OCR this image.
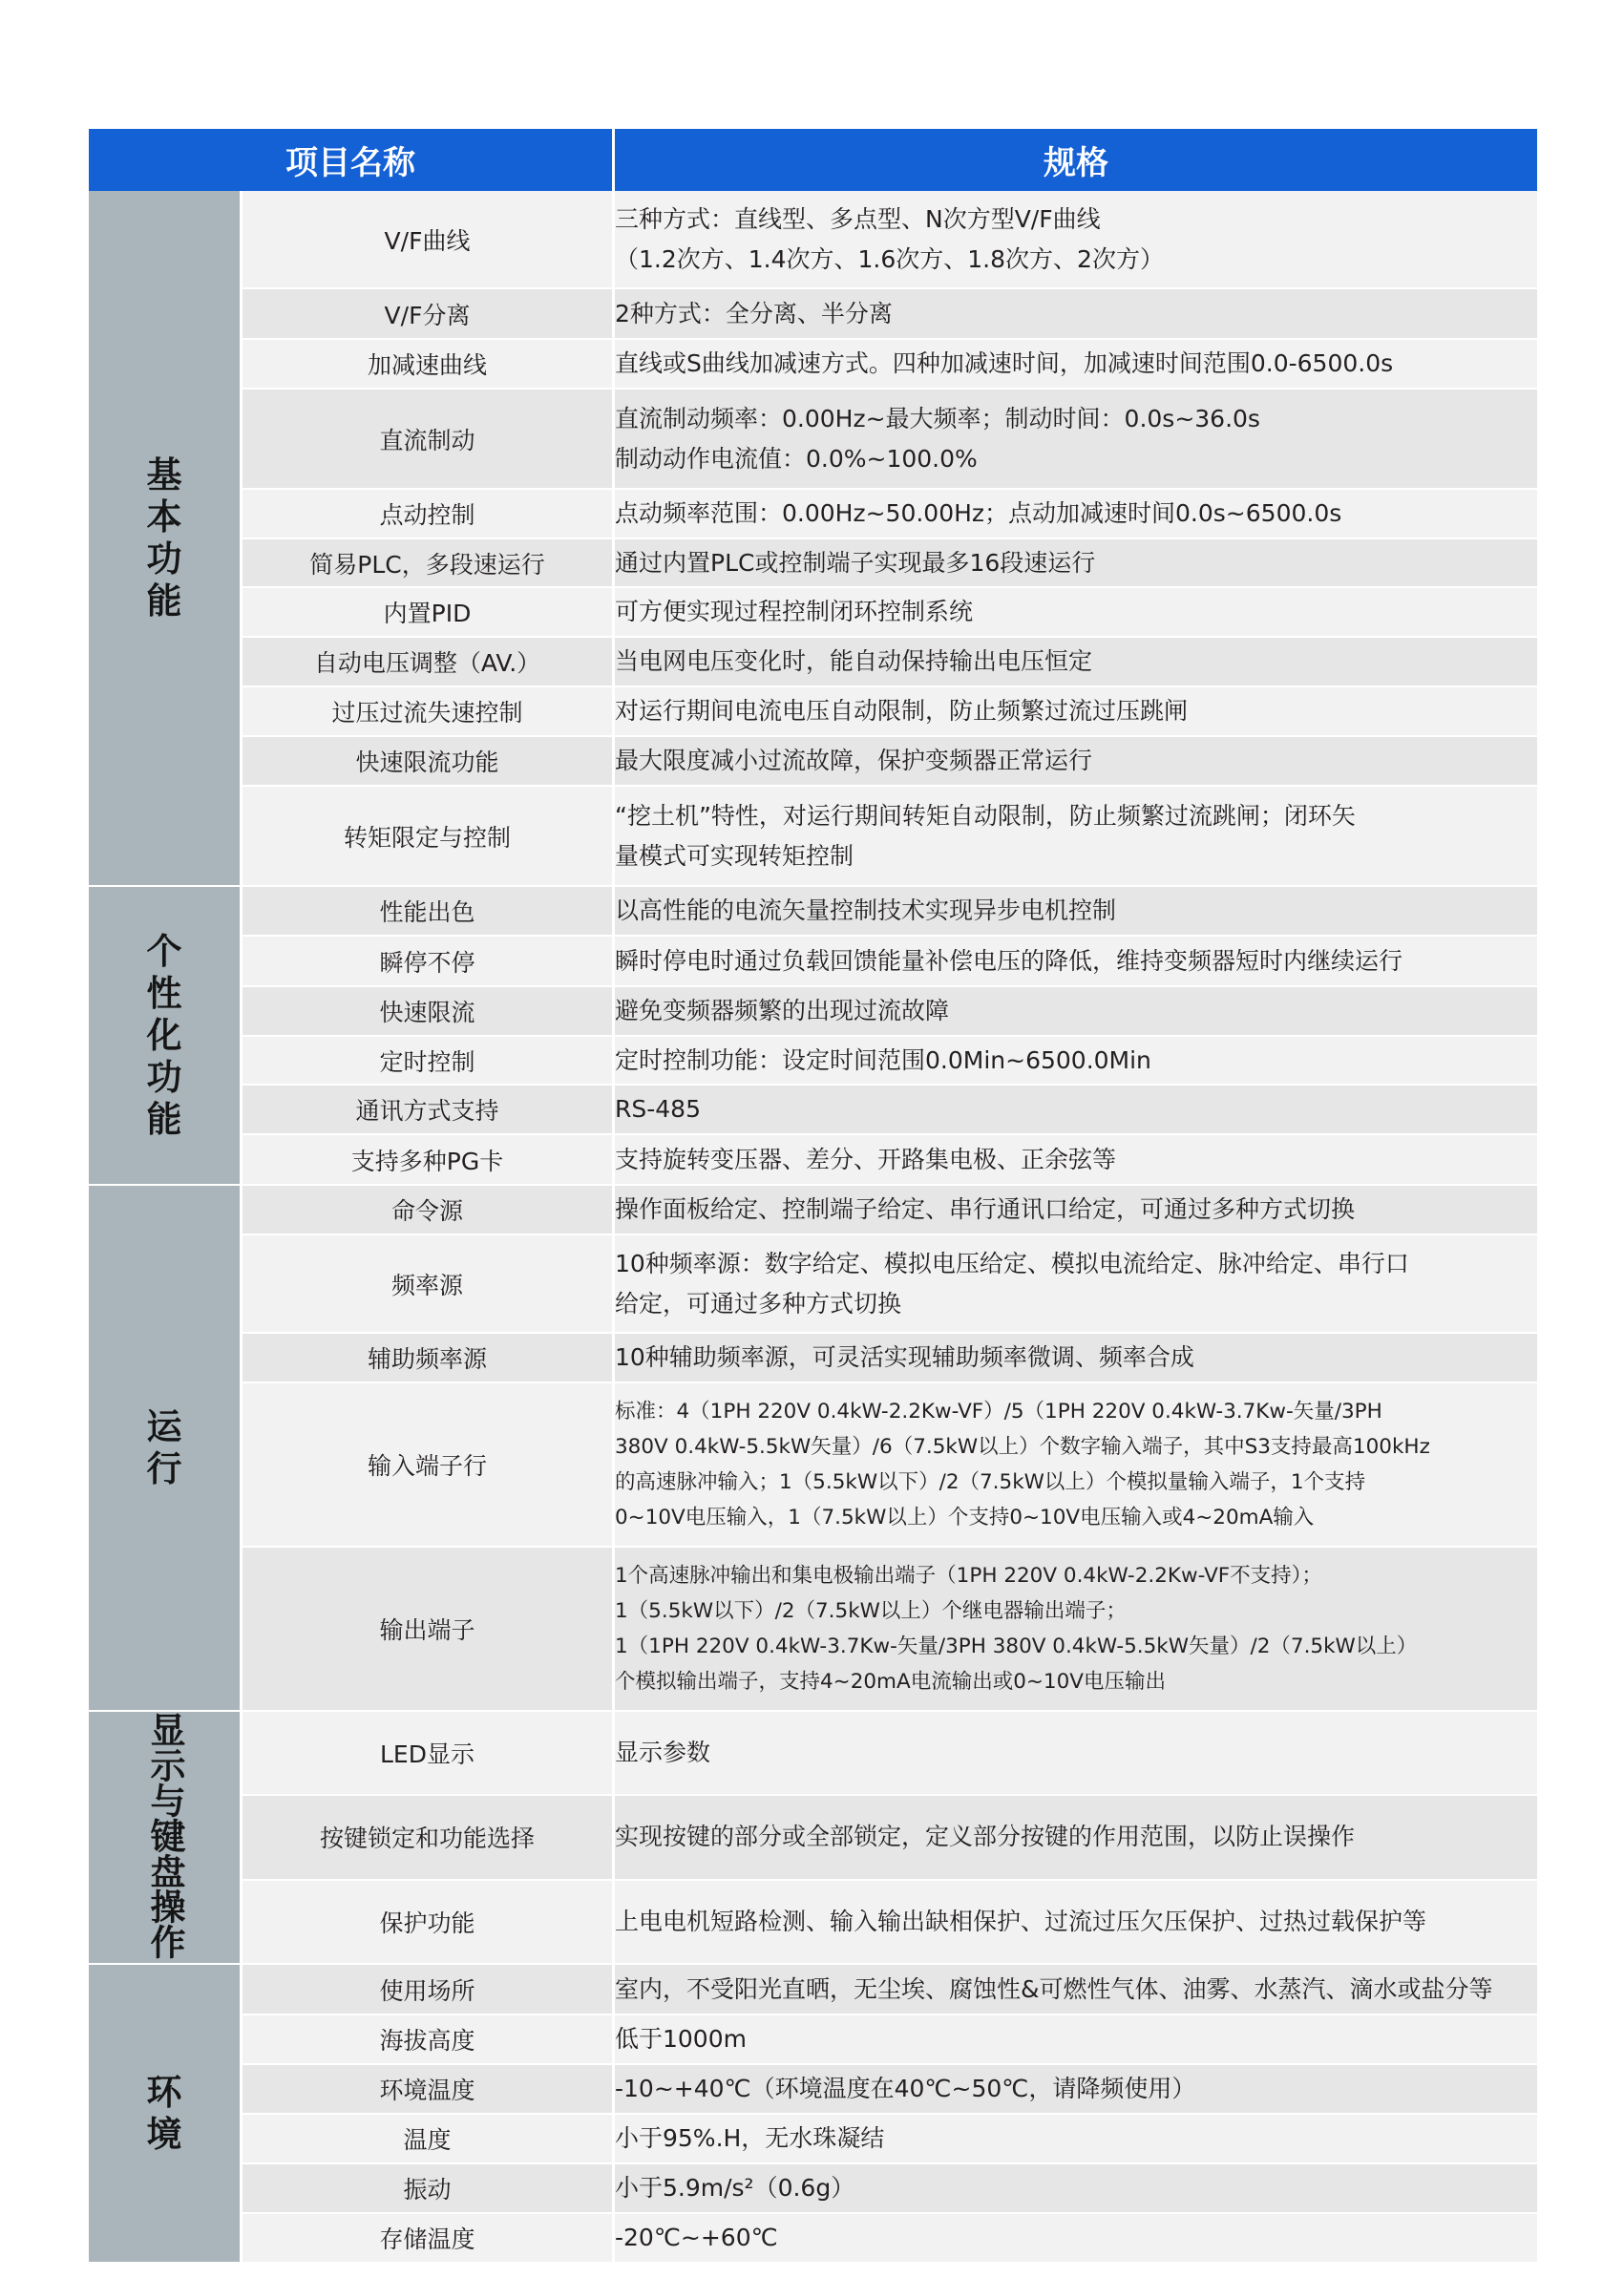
项目名称		规格
基本功能	V/F曲线	三种方式：直线型、多点型、N次方型V/F曲线
（1.2次方、1.4次方、1.6次方、1.8次方、2次方）
	V/F分离	2种方式：全分离、半分离
	加减速曲线	直线或S曲线加减速方式。四种加减速时间，加减速时间范围0.0-6500.0s
	直流制动	直流制动频率：0.00Hz~最大频率；制动时间：0.0s~36.0s
制动动作电流值：0.0%~100.0%
	点动控制	点动频率范围：0.00Hz~50.00Hz；点动加减速时间0.0s~6500.0s
	简易PLC，多段速运行	通过内置PLC或控制端子实现最多16段速运行
	内置PID	可方便实现过程控制闭环控制系统
	自动电压调整（AV.）	当电网电压变化时，能自动保持输出电压恒定
	过压过流失速控制	对运行期间电流电压自动限制，防止频繁过流过压跳闸
	快速限流功能	最大限度减小过流故障，保护变频器正常运行
	转矩限定与控制	“挖土机”特性，对运行期间转矩自动限制，防止频繁过流跳闸；闭环矢
量模式可实现转矩控制
个性化功能	性能出色	以高性能的电流矢量控制技术实现异步电机控制
	瞬停不停	瞬时停电时通过负载回馈能量补偿电压的降低，维持变频器短时内继续运行
	快速限流	避免变频器频繁的出现过流故障
	定时控制	定时控制功能：设定时间范围0.0Min~6500.0Min
	通讯方式支持	RS-485
	支持多种PG卡	支持旋转变压器、差分、开路集电极、正余弦等
运行	命令源	操作面板给定、控制端子给定、串行通讯口给定，可通过多种方式切换
	频率源	10种频率源：数字给定、模拟电压给定、模拟电流给定、脉冲给定、串行口
给定，可通过多种方式切换
	辅助频率源	10种辅助频率源，可灵活实现辅助频率微调、频率合成
	输入端子行	标准：4（1PH 220V 0.4kW-2.2Kw-VF）/5（1PH 220V 0.4kW-3.7Kw-矢量/3PH
380V 0.4kW-5.5kW矢量）/6（7.5kW以上）个数字输入端子，其中S3支持最高100kHz
的高速脉冲输入；1（5.5kW以下）/2（7.5kW以上）个模拟量输入端子，1个支持
0~10V电压输入，1（7.5kW以上）个支持0~10V电压输入或4~20mA输入
	输出端子	1个高速脉冲输出和集电极输出端子（1PH 220V 0.4kW-2.2Kw-VF不支持）；
1（5.5kW以下）/2（7.5kW以上）个继电器输出端子；
1（1PH 220V 0.4kW-3.7Kw-矢量/3PH 380V 0.4kW-5.5kW矢量）/2（7.5kW以上）
个模拟输出端子，支持4~20mA电流输出或0~10V电压输出
显示与键盘操作	LED显示	显示参数
	按键锁定和功能选择	实现按键的部分或全部锁定，定义部分按键的作用范围，以防止误操作
	保护功能	上电电机短路检测、输入输出缺相保护、过流过压欠压保护、过热过载保护等
环境	使用场所	室内，不受阳光直晒，无尘埃、腐蚀性&可燃性气体、油雾、水蒸汽、滴水或盐分等
	海拔高度	低于1000m
	环境温度	-10~+40℃（环境温度在40℃~50℃，请降频使用）
	温度	小于95%.H，无水珠凝结
	振动	小于5.9m/s²（0.6g）
	存储温度	-20℃~+60℃
